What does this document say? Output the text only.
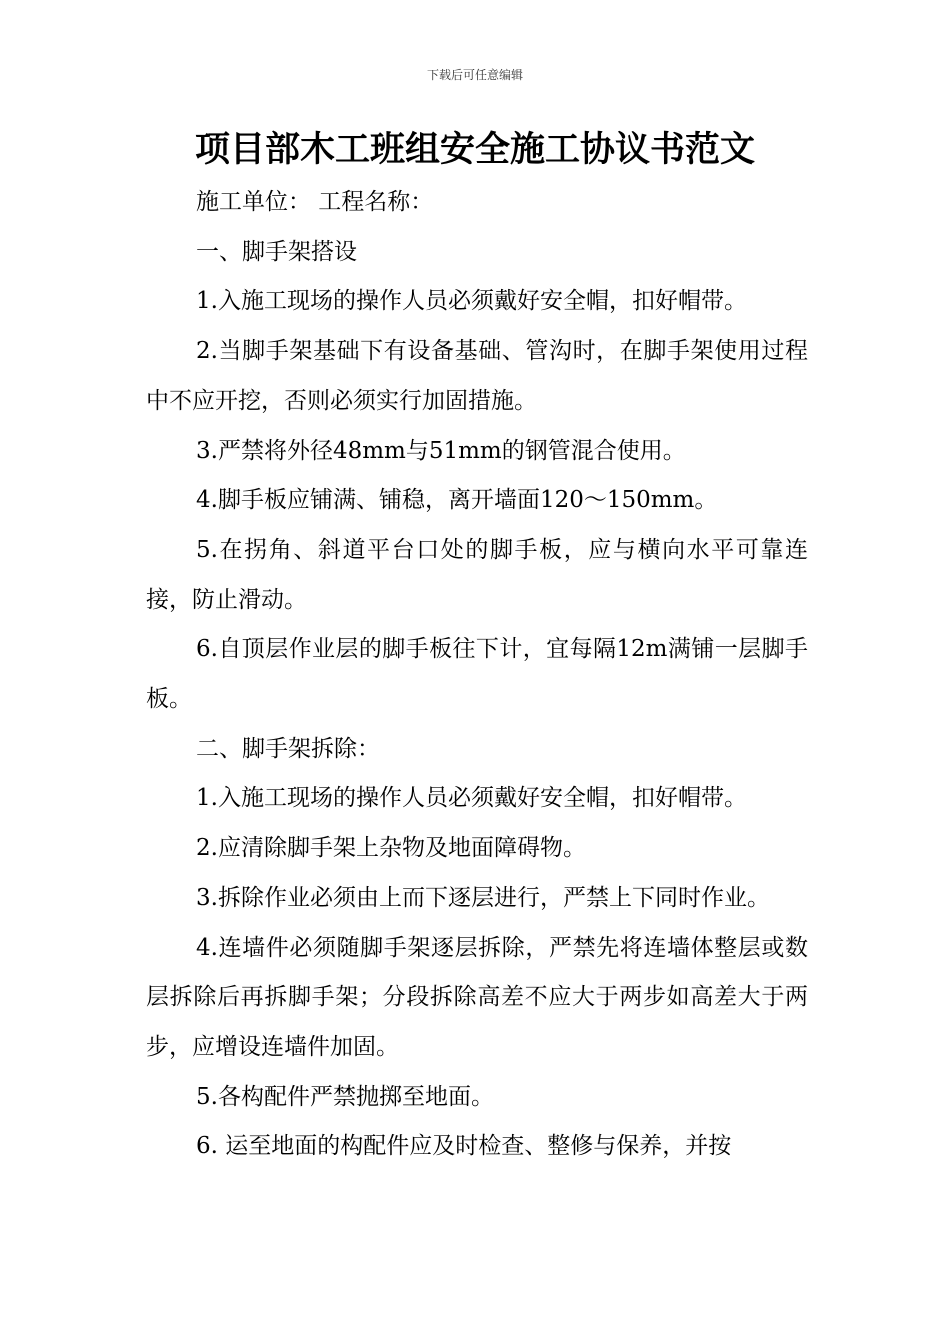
下载后可任意编辑
项目部木工班组安全施工协议书范文

施工单位： 工程名称：

一、脚手架搭设

1.入施工现场的操作人员必须戴好安全帽，扣好帽带。

2.当脚手架基础下有设备基础、管沟时，在脚手架使用过程中不应开挖，否则必须实行加固措施。

3.严禁将外径48mm与51mm的钢管混合使用。

4.脚手板应铺满、铺稳，离开墙面120～150mm。

5.在拐角、斜道平台口处的脚手板，应与横向水平可靠连接，防止滑动。

6.自顶层作业层的脚手板往下计，宜每隔12m满铺一层脚手板。

二、脚手架拆除：

1.入施工现场的操作人员必须戴好安全帽，扣好帽带。

2.应清除脚手架上杂物及地面障碍物。

3.拆除作业必须由上而下逐层进行，严禁上下同时作业。

4.连墙件必须随脚手架逐层拆除，严禁先将连墙体整层或数层拆除后再拆脚手架；分段拆除高差不应大于两步如高差大于两步，应增设连墙件加固。

5.各构配件严禁抛掷至地面。

6. 运至地面的构配件应及时检查、整修与保养，并按
